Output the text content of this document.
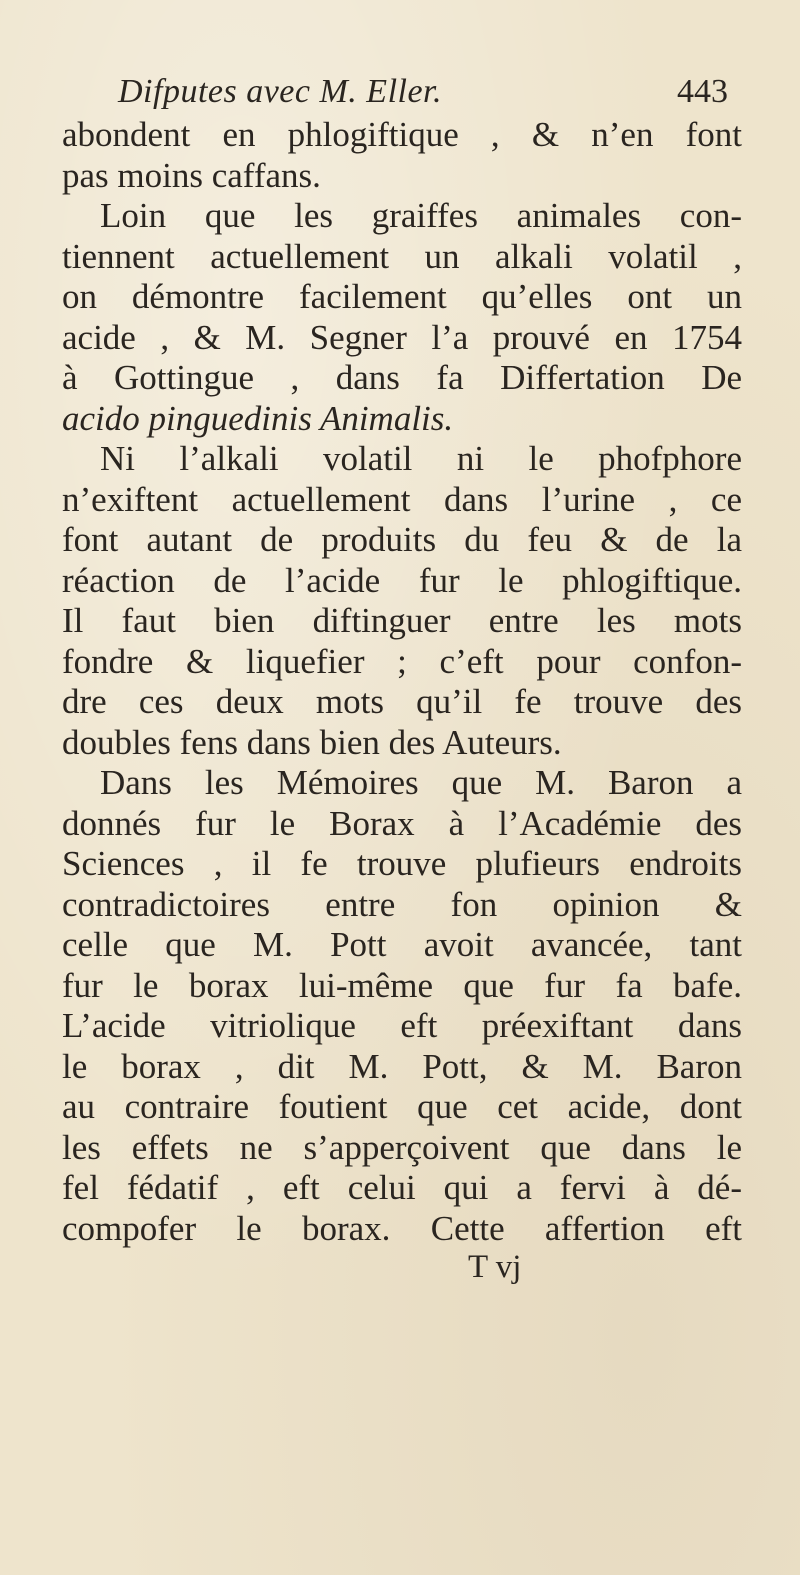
Difputes avec M. Eller.	443
abondent en phlogiftique , & n’en font
pas moins caffans.
Loin que les graiffes animales con-
tiennent actuellement un alkali volatil ,
on démontre facilement qu’elles ont un
acide , & M. Segner l’a prouvé en 1754
à Gottingue , dans fa Differtation De
acido pinguedinis Animalis.
Ni l’alkali volatil ni le phofphore
n’exiftent actuellement dans l’urine , ce
font autant de produits du feu & de la
réaction de l’acide fur le phlogiftique.
Il faut bien diftinguer entre les mots
fondre & liquefier ; c’eft pour confon-
dre ces deux mots qu’il fe trouve des
doubles fens dans bien des Auteurs.
Dans les Mémoires que M. Baron a
donnés fur le Borax à l’Académie des
Sciences , il fe trouve plufieurs endroits
contradictoires entre fon opinion &
celle que M. Pott avoit avancée, tant
fur le borax lui-même que fur fa bafe.
L’acide vitriolique eft préexiftant dans
le borax , dit M. Pott, & M. Baron
au contraire foutient que cet acide, dont
les effets ne s’apperçoivent que dans le
fel fédatif , eft celui qui a fervi à dé-
compofer le borax. Cette affertion eft
T vj
